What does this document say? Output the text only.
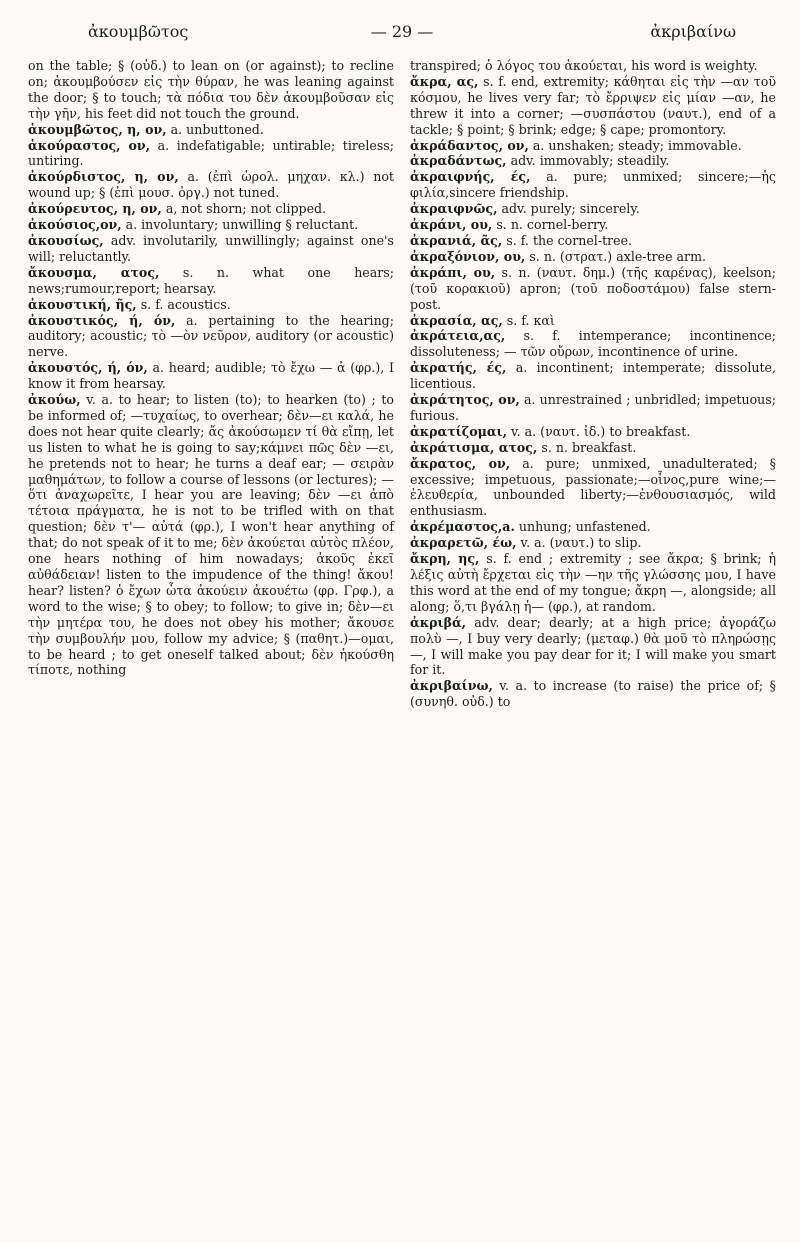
ἀκουμβῶτος	— 29 —	ἀκριβαίνω

on the table; § (οὐδ.) to lean on (or against); to recline on; ἀκουμβούσεν εἰς τὴν θύραν, he was leaning against the door; § to touch; τὰ πόδια του δὲν ἀκουμβοῦσαν εἰς τὴν γῆν, his feet did not touch the ground.

ἀκουμβῶτος, η, ον, a. unbuttoned.

ἀκούραστος, ον, a. indefatigable; untirable; tireless; untiring.

ἀκούρδιστος, η, ον, a. (ἐπὶ ὡρολ. μηχαν. κλ.) not wound up; § (ἐπὶ μουσ. ὀργ.) not tuned.

ἀκούρευτος, η, ον, a, not shorn; not clipped.

ἀκούσιος,ον, a. involuntary; unwilling § reluctant.

ἀκουσίως, adv. involutarily, unwillingly; against one's will; reluctantly.

ἄκουσμα, ατος, s. n. what one hears; news;rumour,report; hearsay.

ἀκουστική, ῆς, s. f. acoustics.

ἀκουστικός, ή, όν, a. pertaining to the hearing; auditory; acoustic; τὸ —ὸν νεῦρον, auditory (or acoustic) nerve.

ἀκουστός, ή, όν, a. heard; audible; τὸ ἔχω — ἀ (φρ.), I know it from hearsay.

ἀκούω, v. a. to hear; to listen (to); to hearken (to) ; to be informed of; —τυχαίως, to overhear; δὲν—ει καλά, he does not hear quite clearly; ἄς ἀκούσωμεν τί θὰ εἴπῃ, let us listen to what he is going to say;κάμνει πῶς δὲν —ει, he pretends not to hear; he turns a deaf ear; — σειρὰν μαθημάτων, to follow a course of lessons (or lectures); — ὅτι ἀναχωρεῖτε, I hear you are leaving; δὲν —ει ἀπὸ τέτοια πράγματα, he is not to be trifled with on that question; δὲν τ'— αὐτά (φρ.), I won't hear anything of that; do not speak of it to me; δὲν ἀκούεται αὐτὸς πλέον, one hears nothing of him nowadays; ἀκοῦς ἐκεῖ αὐθάδειαν! listen to the impudence of the thing! ἄκου! hear? listen? ὁ ἔχων ὦτα ἀκούειν ἀκουέτω (φρ. Γρφ.), a word to the wise; § to obey; to follow; to give in; δὲν—ει τὴν μητέρα του, he does not obey his mother; ἄκουσε τὴν συμβουλήν μου, follow my advice; § (παθητ.)—ομαι, to be heard ; to get oneself talked about; δὲν ἠκούσθη τίποτε, nothing

transpired; ὁ λόγος του ἀκούεται, his word is weighty.

ἄκρα, ας, s. f. end, extremity; κάθηται εἰς τὴν —αν τοῦ κόσμου, he lives very far; τὸ ἔρριψεν εἰς μίαν —αν, he threw it into a corner; —συσπάστου (ναυτ.), end of a tackle; § point; § brink; edge; § cape; promontory.

ἀκράδαντος, ον, a. unshaken; steady; immovable.

ἀκραδάντως, adv. immovably; steadily.

ἀκραιφνής, ές, a. pure; unmixed; sincere;—ἡς φιλία,sincere friendship.

ἀκραιφνῶς, adv. purely; sincerely.

ἀκράνι, ου, s. n. cornel-berry.

ἀκρανιά, ᾶς, s. f. the cornel-tree.

ἀκραξόνιον, ου, s. n. (στρατ.) axle-tree arm.

ἀκράπι, ου, s. n. (ναυτ. δημ.) (τῆς καρένας), keelson; (τοῦ κορακιοῦ) apron; (τοῦ ποδοστάμου) false stern-post.

ἀκρασία, ας, s. f. καὶ

ἀκράτεια,ας, s. f. intemperance; incontinence; dissoluteness; — τῶν οὔρων, incontinence of urine.

ἀκρατής, ές, a. incontinent; intemperate; dissolute, licentious.

ἀκράτητος, ον, a. unrestrained ; unbridled; impetuous; furious.

ἀκρατίζομαι, v. a. (ναυτ. ἰδ.) to breakfast.

ἀκράτισμα, ατος, s. n. breakfast.

ἄκρατος, ον, a. pure; unmixed, unadulterated; § excessive; impetuous, passionate;—οἶνος,pure wine;—ἐλευθερία, unbounded liberty;—ἐνθουσιασμός, wild enthusiasm.

ἀκρέμαστος,a. unhung; unfastened.

ἀκραρετῶ, έω, v. a. (ναυτ.) to slip.

ἄκρη, ης, s. f. end ; extremity ; see ἄκρα; § brink; ἡ λέξις αὐτὴ ἔρχεται εἰς τὴν —ην τῆς γλώσσης μου, I have this word at the end of my tongue; ἄκρη —, alongside; all along; ὅ,τι βγάλῃ ἡ— (φρ.), at random.

ἀκριβά, adv. dear; dearly; at a high price; ἀγοράζω πολὺ —, I buy very dearly; (μεταφ.) θὰ μοῦ τὸ πληρώσῃς —, I will make you pay dear for it; I will make you smart for it.

ἀκριβαίνω, v. a. to increase (to raise) the price of; § (συνηθ. οὐδ.) to
